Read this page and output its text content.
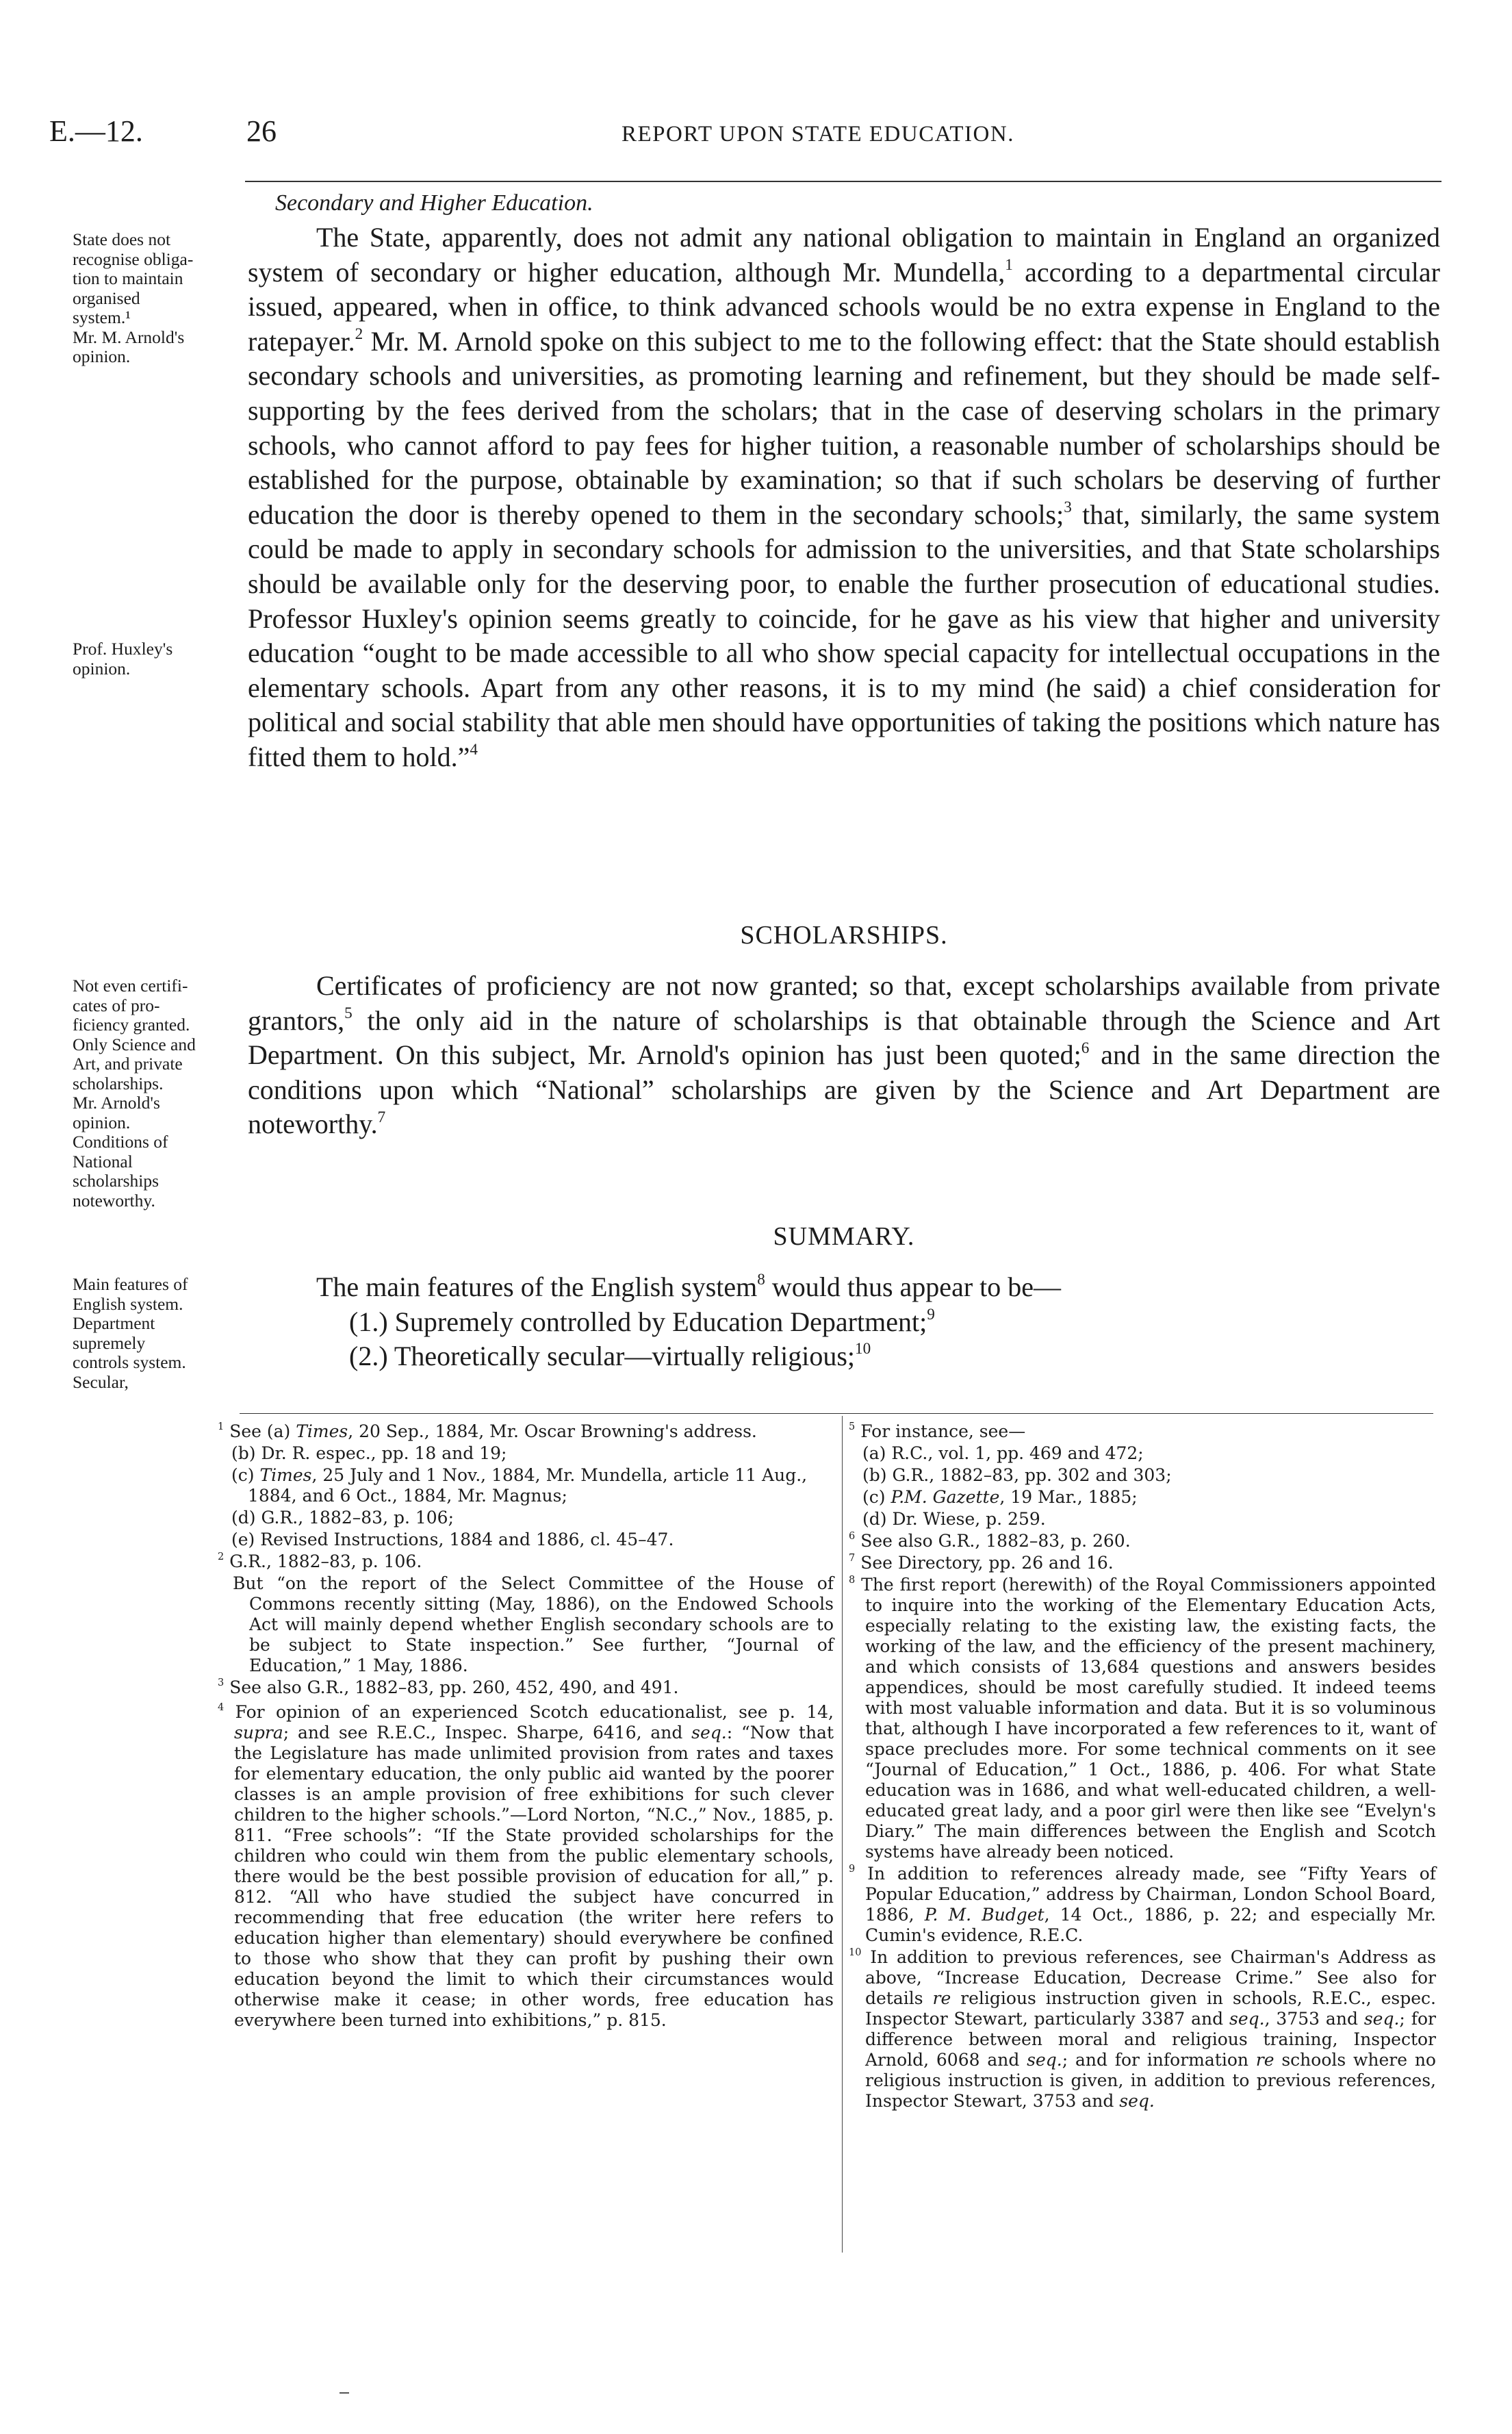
E.—12.	26	REPORT UPON STATE EDUCATION.
Secondary and Higher Education.
State does not
recognise obliga-
tion to maintain
organised
system.¹
Mr. M. Arnold's
opinion.
Prof. Huxley's
opinion.
Not even certifi-
cates of pro-
ficiency granted.
Only Science and
Art, and private
scholarships.
Mr. Arnold's
opinion.
Conditions of
National
scholarships
noteworthy.
Main features of
English system.
Department
supremely
controls system.
Secular,

The State, apparently, does not admit any national obligation to maintain in England an organized system of secondary or higher education, although Mr. Mundella,$^1$ according to a departmental circular issued, appeared, when in office, to think advanced schools would be no extra expense in England to the ratepayer.$^2$ Mr. M. Arnold spoke on this subject to me to the following effect: that the State should establish secondary schools and universities, as promoting learning and refinement, but they should be made self-supporting by the fees derived from the scholars; that in the case of deserving scholars in the primary schools, who cannot afford to pay fees for higher tuition, a reasonable number of scholarships should be established for the purpose, obtainable by examination; so that if such scholars be deserving of further education the door is thereby opened to them in the secondary schools;$^3$ that, similarly, the same system could be made to apply in secondary schools for admission to the universities, and that State scholarships should be available only for the deserving poor, to enable the further prosecution of educational studies. Professor Huxley's opinion seems greatly to coincide, for he gave as his view that higher and university education “ought to be made accessible to all who show special capacity for intellectual occupations in the elementary schools. Apart from any other reasons, it is to my mind (he said) a chief consideration for political and social stability that able men should have opportunities of taking the positions which nature has fitted them to hold.”$^4$

SCHOLARSHIPS.

Certificates of proficiency are not now granted; so that, except scholarships available from private grantors,$^5$ the only aid in the nature of scholarships is that obtainable through the Science and Art Department. On this subject, Mr. Arnold's opinion has just been quoted;$^6$ and in the same direction the conditions upon which “National” scholarships are given by the Science and Art Department are noteworthy.$^7$

SUMMARY.

The main features of the English system$^8$ would thus appear to be—

(1.) Supremely controlled by Education Department;$^9$
(2.) Theoretically secular—virtually religious;$^{10}$

$^1$ See (a) Times, 20 Sep., 1884, Mr. Oscar Browning's address.

(b) Dr. R. espec., pp. 18 and 19;

(c) Times, 25 July and 1 Nov., 1884, Mr. Mundella, article 11 Aug., 1884, and 6 Oct., 1884, Mr. Magnus;

(d) G.R., 1882–83, p. 106;

(e) Revised Instructions, 1884 and 1886, cl. 45–47.

$^2$ G.R., 1882–83, p. 106.

But “on the report of the Select Committee of the House of Commons recently sitting (May, 1886), on the Endowed Schools Act will mainly depend whether English secondary schools are to be subject to State inspection.” See further, “Journal of Education,” 1 May, 1886.

$^3$ See also G.R., 1882–83, pp. 260, 452, 490, and 491.

$^4$ For opinion of an experienced Scotch educationalist, see p. 14, supra; and see R.E.C., Inspec. Sharpe, 6416, and seq.: “Now that the Legislature has made unlimited provision from rates and taxes for elementary education, the only public aid wanted by the poorer classes is an ample provision of free exhibitions for such clever children to the higher schools.”—Lord Norton, “N.C.,” Nov., 1885, p. 811. “Free schools”: “If the State provided scholarships for the children who could win them from the public elementary schools, there would be the best possible provision of education for all,” p. 812. “All who have studied the subject have concurred in recommending that free education (the writer here refers to education higher than elementary) should everywhere be confined to those who show that they can profit by pushing their own education beyond the limit to which their circumstances would otherwise make it cease; in other words, free education has everywhere been turned into exhibitions,” p. 815.

$^5$ For instance, see—

(a) R.C., vol. 1, pp. 469 and 472;

(b) G.R., 1882–83, pp. 302 and 303;

(c) P.M. Gazette, 19 Mar., 1885;

(d) Dr. Wiese, p. 259.

$^6$ See also G.R., 1882–83, p. 260.

$^7$ See Directory, pp. 26 and 16.

$^8$ The first report (herewith) of the Royal Commissioners appointed to inquire into the working of the Elementary Education Acts, especially relating to the existing law, the existing facts, the working of the law, and the efficiency of the present machinery, and which consists of 13,684 questions and answers besides appendices, should be most carefully studied. It indeed teems with most valuable information and data. But it is so voluminous that, although I have incorporated a few references to it, want of space precludes more. For some technical comments on it see “Journal of Education,” 1 Oct., 1886, p. 406. For what State education was in 1686, and what well-educated children, a well-educated great lady, and a poor girl were then like see “Evelyn's Diary.” The main differences between the English and Scotch systems have already been noticed.

$^9$ In addition to references already made, see “Fifty Years of Popular Education,” address by Chairman, London School Board, 1886, P. M. Budget, 14 Oct., 1886, p. 22; and especially Mr. Cumin's evidence, R.E.C.

$^{10}$ In addition to previous references, see Chairman's Address as above, “Increase Education, Decrease Crime.” See also for details re religious instruction given in schools, R.E.C., espec. Inspector Stewart, particularly 3387 and seq., 3753 and seq.; for difference between moral and religious training, Inspector Arnold, 6068 and seq.; and for information re schools where no religious instruction is given, in addition to previous references, Inspector Stewart, 3753 and seq.
